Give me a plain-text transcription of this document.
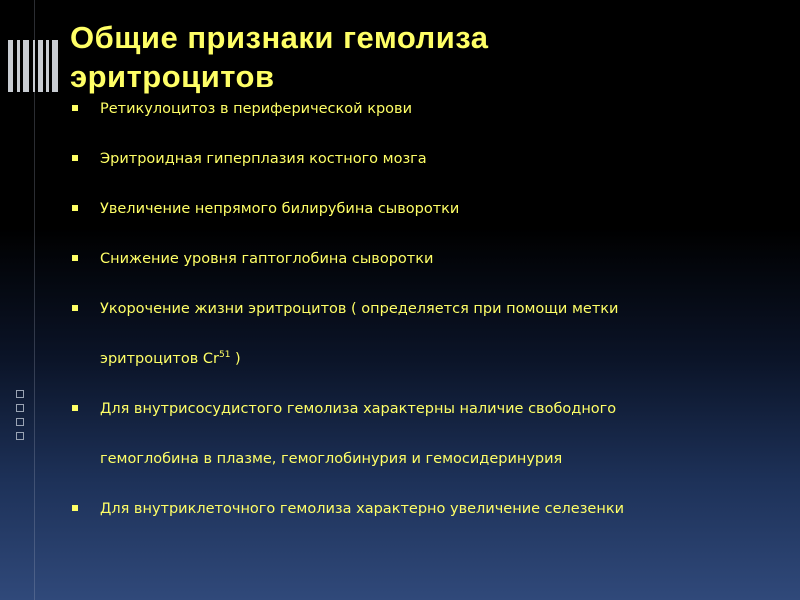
Общие признаки гемолиза
эритроцитов
Ретикулоцитоз в периферической крови
Эритроидная гиперплазия костного мозга
Увеличение непрямого билирубина сыворотки
Снижение уровня гаптоглобина сыворотки
Укорочение жизни эритроцитов ( определяется при помощи метки
эритроцитов Cr$^{51}$ )
Для внутрисосудистого гемолиза характерны наличие свободного
гемоглобина в плазме, гемоглобинурия и гемосидеринурия
Для внутриклеточного гемолиза характерно увеличение селезенки
